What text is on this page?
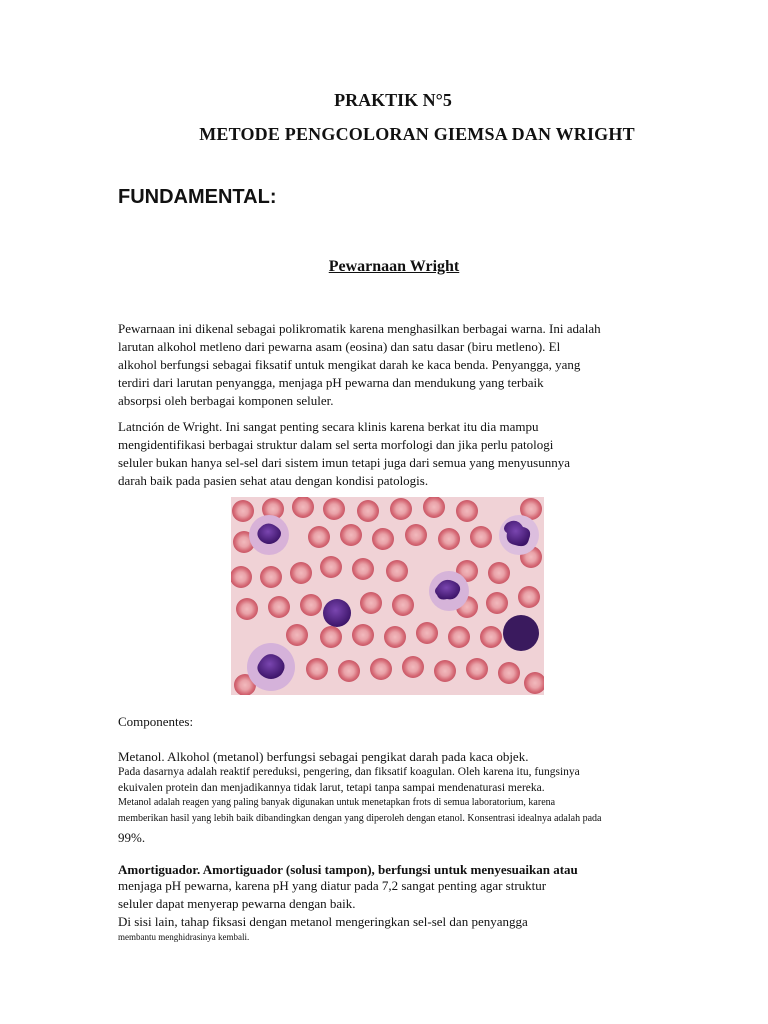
PRAKTIK N°5
METODE PENGCOLORAN GIEMSA DAN WRIGHT
FUNDAMENTAL:
Pewarnaan Wright

Pewarnaan ini dikenal sebagai polikromatik karena menghasilkan berbagai warna. Ini adalah

larutan alkohol metleno dari pewarna asam (eosina) dan satu dasar (biru metleno). El

alkohol berfungsi sebagai fiksatif untuk mengikat darah ke kaca benda. Penyangga, yang

terdiri dari larutan penyangga, menjaga pH pewarna dan mendukung yang terbaik

absorpsi oleh berbagai komponen seluler.

Latnción de Wright. Ini sangat penting secara klinis karena berkat itu dia mampu

mengidentifikasi berbagai struktur dalam sel serta morfologi dan jika perlu patologi

seluler bukan hanya sel-sel dari sistem imun tetapi juga dari semua yang menyusunnya

darah baik pada pasien sehat atau dengan kondisi patologis.

Componentes:
Metanol. Alkohol (metanol) berfungsi sebagai pengikat darah pada kaca objek.

Pada dasarnya adalah reaktif pereduksi, pengering, dan fiksatif koagulan. Oleh karena itu, fungsinya

ekuivalen protein dan menjadikannya tidak larut, tetapi tanpa sampai mendenaturasi mereka.

Metanol adalah reagen yang paling banyak digunakan untuk menetapkan frots di semua laboratorium, karena

memberikan hasil yang lebih baik dibandingkan dengan yang diperoleh dengan etanol. Konsentrasi idealnya adalah pada

99%.
Amortiguador. Amortiguador (solusi tampon), berfungsi untuk menyesuaikan atau

menjaga pH pewarna, karena pH yang diatur pada 7,2 sangat penting agar struktur

seluler dapat menyerap pewarna dengan baik.

Di sisi lain, tahap fiksasi dengan metanol mengeringkan sel-sel dan penyangga

membantu menghidrasinya kembali.
